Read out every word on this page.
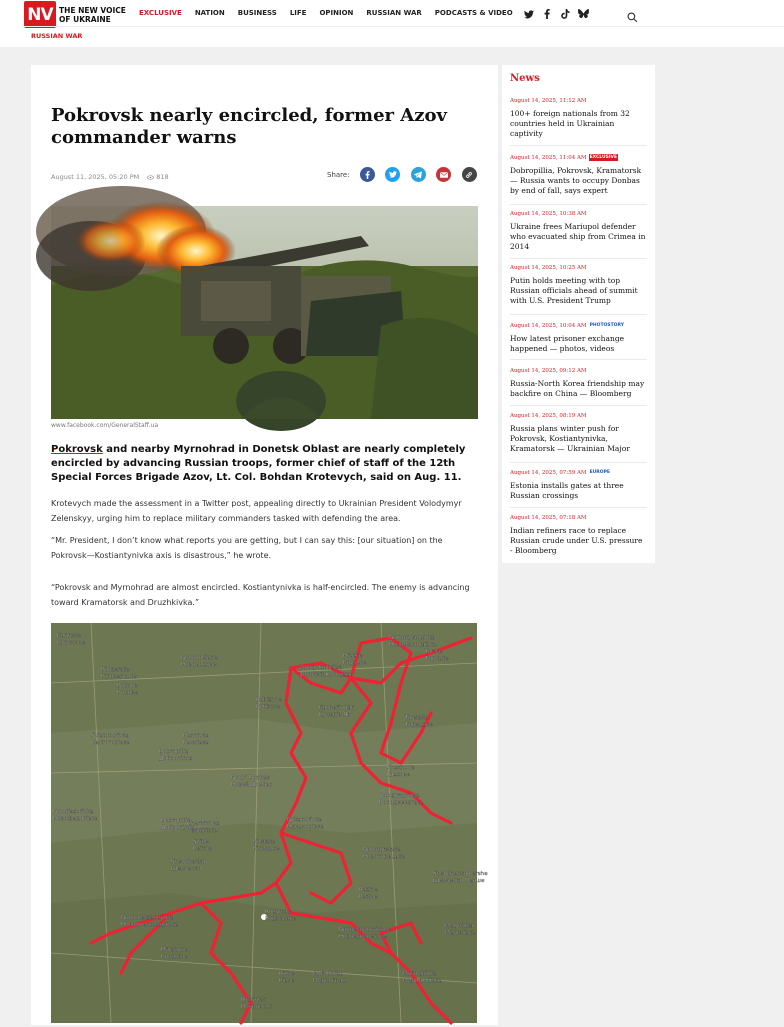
NV THE NEW VOICE
OF UKRAINE
EXCLUSIVE NATION BUSINESS LIFE OPINION RUSSIAN WAR PODCASTS & VIDEO
RUSSIAN WAR
Pokrovsk nearly encircled, former Azov commander warns
August 11, 2025, 05:20 PM	818	Share:
www.facebook.com/GeneralStaff.ua

Pokrovsk and nearby Myrnohrad in Donetsk Oblast are nearly completely encircled by advancing Russian troops, former chief of staff of the 12th Special Forces Brigade Azov, Lt. Col. Bohdan Krotevych, said on Aug. 11.

Krotevych made the assessment in a Twitter post, appealing directly to Ukrainian President Volodymyr Zelenskyy, urging him to replace military commanders tasked with defending the area.

“Mr. President, I don’t know what reports you are getting, but I can say this: [our situation] on the Pokrovsk—Kostiantynivka axis is disastrous,” he wrote.

“Pokrovsk and Myrnohrad are almost encircled. Kostiantynivka is half-encircled. The enemy is advancing toward Kramatorsk and Druzhkivka.”

Kurytske
Куриччне
Novovodiane
Нововодяне
Bilozerske
Білозерське
Bokove
Бокове
Zoloty Kolodiaz
Золотий Колодязь
Rubizhne
Рубіжне
Hruzke
Грузьке
Novomykolaivka
Новомиколаївка
Torske
Торське
Kucheriv Yar
Кучерів Яр	Toretske
Торецьке
Sviatohorivka
Святогорівка
Hannivka
Ганнівка
Dobropillia
Добропілля
Shakhove
Шахове
Novyi Donbas
Новий Донбас
Volodymyrivka
Володимирівка
Novofedorivka
Новофедорівка	Dobropillia
Добропілля
Chernihivka
Чернігівка
Nykanorivka
Никанорівка
Svitle
Світле
Biletske
Білицьке	Novotoretske
Новоторецьке
Shevchenko
Шевченко
Razine
Разіне
Shevchenko Pershe
Шевченко Перше
Novooleksandrivka
Новоолександрівка
Rodynske
Родинське
Novoekonomichne
Новоекономічне
Malynivka
Малинівка
Hryshyne
Гришине
Rivne
Рівне
Myrnohrad
Мирноград
Myrolubivka
Миролюбівка
Pokrovsk
Покровськ
News
August 14, 2025, 11:12 AM
100+ foreign nationals from 32 countries held in Ukrainian captivity
August 14, 2025, 11:04 AM EXCLUSIVE
Dobropillia, Pokrovsk, Kramatorsk — Russia wants to occupy Donbas by end of fall, says expert
August 14, 2025, 10:38 AM
Ukraine frees Mariupol defender who evacuated ship from Crimea in 2014
August 14, 2025, 10:25 AM
Putin holds meeting with top Russian officials ahead of summit with U.S. President Trump
August 14, 2025, 10:04 AM PHOTOSTORY
How latest prisoner exchange happened — photos, videos
August 14, 2025, 09:12 AM
Russia-North Korea friendship may backfire on China — Bloomberg
August 14, 2025, 08:19 AM
Russia plans winter push for Pokrovsk, Kostiantynivka, Kramatorsk — Ukrainian Major
August 14, 2025, 07:59 AM EUROPE
Estonia installs gates at three Russian crossings
August 14, 2025, 07:18 AM
Indian refiners race to replace Russian crude under U.S. pressure - Bloomberg
